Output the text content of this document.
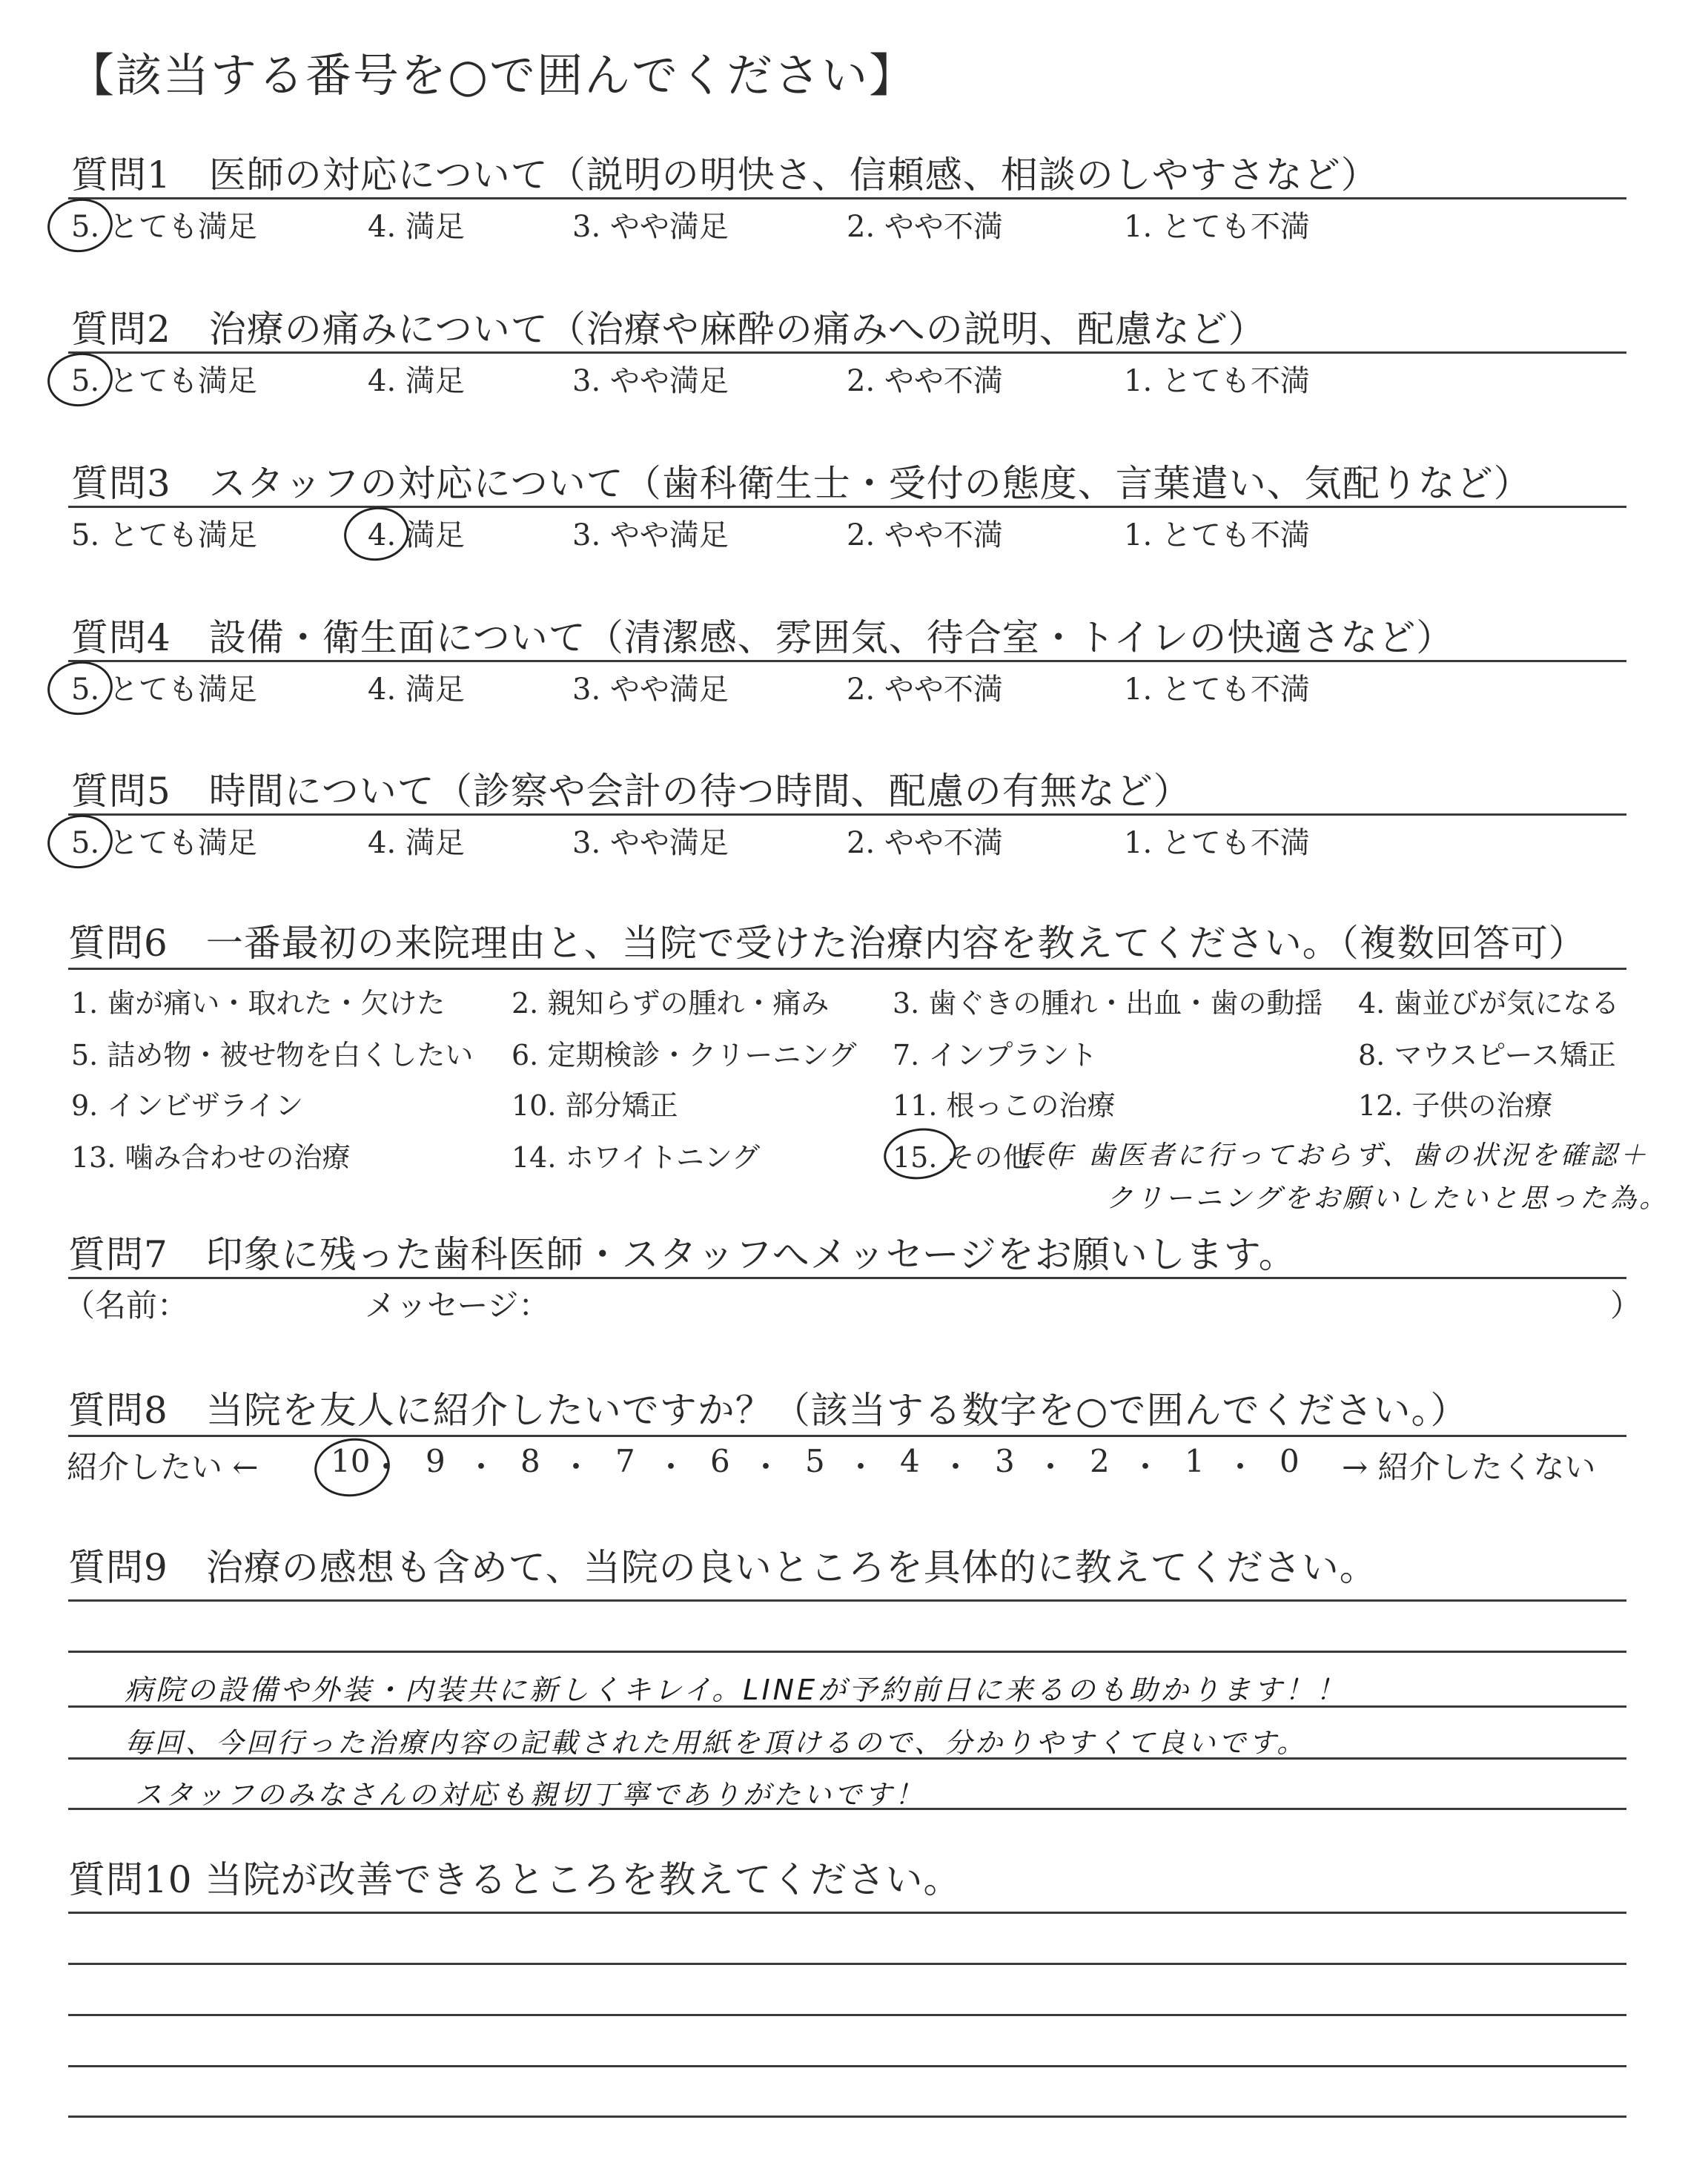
【該当する番号を○で囲んでください】
質問1　医師の対応について（説明の明快さ、信頼感、相談のしやすさなど）
5. とても満足	4. 満足	3. やや満足	2. やや不満	1. とても不満
質問2　治療の痛みについて（治療や麻酔の痛みへの説明、配慮など）
5. とても満足	4. 満足	3. やや満足	2. やや不満	1. とても不満
質問3　スタッフの対応について（歯科衛生士・受付の態度、言葉遣い、気配りなど）
5. とても満足	4. 満足	3. やや満足	2. やや不満	1. とても不満
質問4　設備・衛生面について（清潔感、雰囲気、待合室・トイレの快適さなど）
5. とても満足	4. 満足	3. やや満足	2. やや不満	1. とても不満
質問5　時間について（診察や会計の待つ時間、配慮の有無など）
5. とても満足	4. 満足	3. やや満足	2. やや不満	1. とても不満
質問6　一番最初の来院理由と、当院で受けた治療内容を教えてください。（複数回答可）
1. 歯が痛い・取れた・欠けた 2. 親知らずの腫れ・痛み 3. 歯ぐきの腫れ・出血・歯の動揺 4. 歯並びが気になる
5. 詰め物・被せ物を白くしたい 6. 定期検診・クリーニング 7. インプラント	8. マウスピース矯正
9. インビザライン	10. 部分矯正	11. 根っこの治療	12. 子供の治療
13. 噛み合わせの治療	14. ホワイトニング	15. その他（
長年 歯医者に行っておらず、歯の状況を確認＋
クリーニングをお願いしたいと思った為。
質問7　印象に残った歯科医師・スタッフへメッセージをお願いします。
（名前：	メッセージ：	）
質問8　当院を友人に紹介したいですか？（該当する数字を○で囲んでください。）
紹介したい ← 10 ・ 9 ・ 8 ・ 7 ・ 6 ・ 5 ・ 4 ・ 3 ・ 2 ・ 1 ・ 0 → 紹介したくない
質問9　治療の感想も含めて、当院の良いところを具体的に教えてください。
病院の設備や外装・内装共に新しくキレイ。LINEが予約前日に来るのも助かります！！
毎回、今回行った治療内容の記載された用紙を頂けるので、分かりやすくて良いです。
スタッフのみなさんの対応も親切丁寧でありがたいです！
質問10 当院が改善できるところを教えてください。
